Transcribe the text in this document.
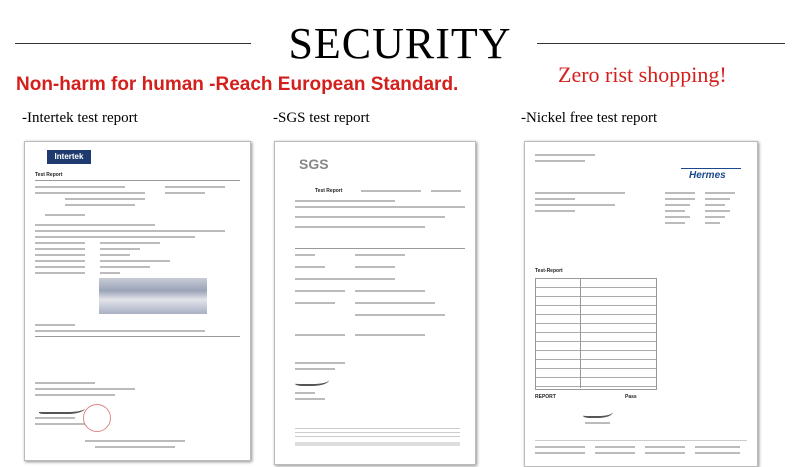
SECURITY
Non-harm for human -Reach European Standard.	Zero rist shopping!
-Intertek test report	-SGS test report	-Nickel free test report
Intertek
Test Report
SGS
Test Report
Hermes
Test-Report
REPORT	Pass
